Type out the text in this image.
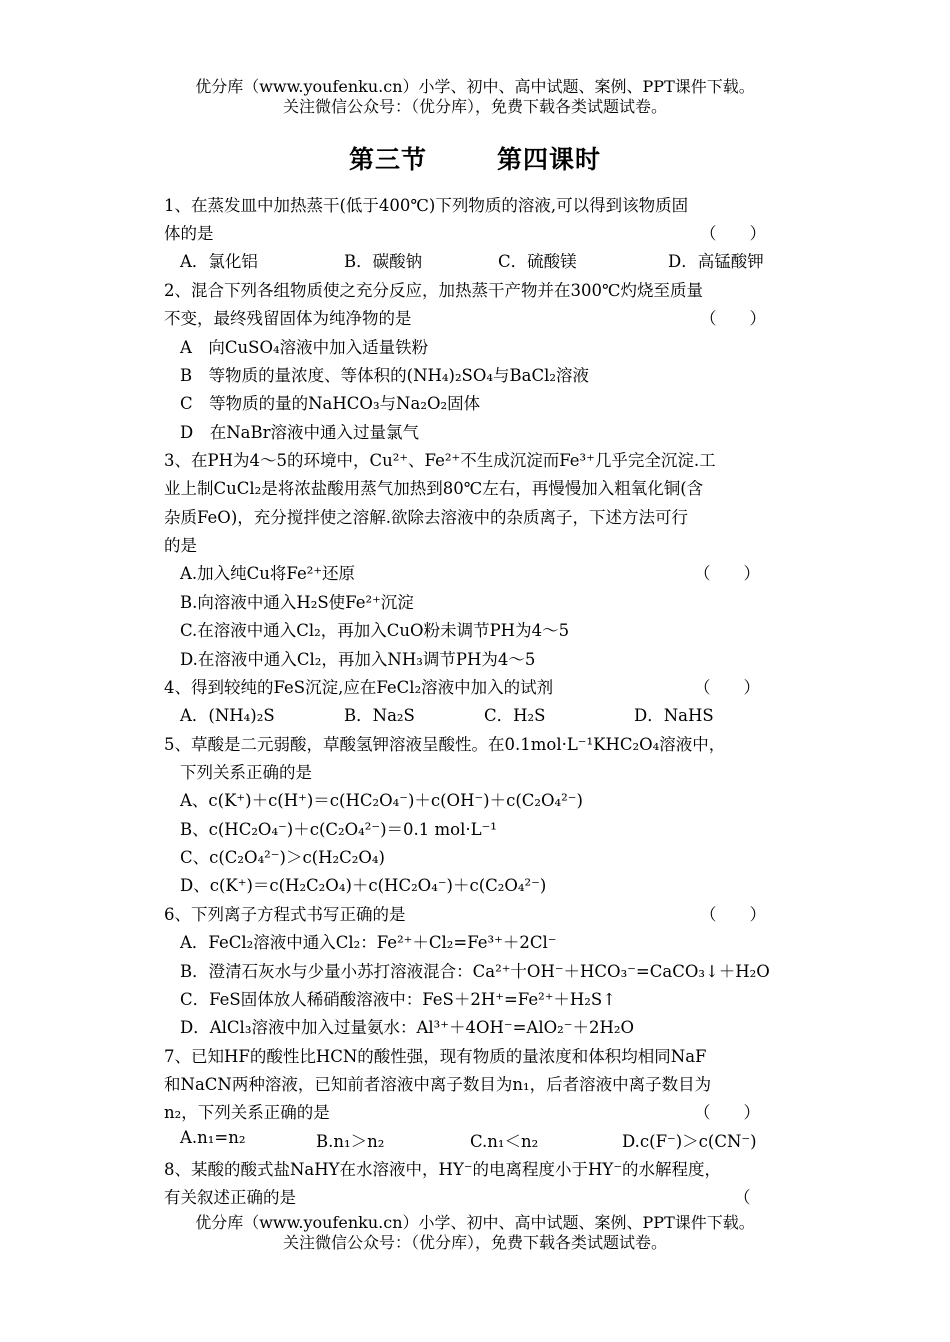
优分库（www.youfenku.cn）小学、初中、高中试题、案例、PPT课件下载。
关注微信公众号：（优分库），免费下载各类试题试卷。
第三节	第四课时
1、在蒸发皿中加热蒸干(低于400℃)下列物质的溶液,可以得到该物质固
体的是	（　　）
A．氯化铝	B．碳酸钠	C．硫酸镁	D．高锰酸钾
2、混合下列各组物质使之充分反应，加热蒸干产物并在300℃灼烧至质量
不变，最终残留固体为纯净物的是	（　　）
A　向CuSO₄溶液中加入适量铁粉
B　等物质的量浓度、等体积的(NH₄)₂SO₄与BaCl₂溶液
C　等物质的量的NaHCO₃与Na₂O₂固体
D　在NaBr溶液中通入过量氯气
3、在PH为4～5的环境中，Cu²⁺、Fe²⁺不生成沉淀而Fe³⁺几乎完全沉淀.工
业上制CuCl₂是将浓盐酸用蒸气加热到80℃左右，再慢慢加入粗氧化铜(含
杂质FeO)，充分搅拌使之溶解.欲除去溶液中的杂质离子，下述方法可行
的是
A.加入纯Cu将Fe²⁺还原	（　　）
B.向溶液中通入H₂S使Fe²⁺沉淀
C.在溶液中通入Cl₂，再加入CuO粉未调节PH为4～5
D.在溶液中通入Cl₂，再加入NH₃调节PH为4～5
4、得到较纯的FeS沉淀,应在FeCl₂溶液中加入的试剂	（　　）
A．(NH₄)₂S	B．Na₂S	C．H₂S	D．NaHS
5、草酸是二元弱酸，草酸氢钾溶液呈酸性。在0.1mol·L⁻¹KHC₂O₄溶液中，
下列关系正确的是
A、c(K⁺)＋c(H⁺)＝c(HC₂O₄⁻)＋c(OH⁻)＋c(C₂O₄²⁻)
B、c(HC₂O₄⁻)＋c(C₂O₄²⁻)＝0.1 mol·L⁻¹
C、c(C₂O₄²⁻)＞c(H₂C₂O₄)
D、c(K⁺)＝c(H₂C₂O₄)＋c(HC₂O₄⁻)＋c(C₂O₄²⁻)
6、下列离子方程式书写正确的是	（　　）
A．FeCl₂溶液中通入Cl₂：Fe²⁺＋Cl₂=Fe³⁺＋2Cl⁻
B．澄清石灰水与少量小苏打溶液混合：Ca²⁺十OH⁻＋HCO₃⁻=CaCO₃↓＋H₂O
C．FeS固体放人稀硝酸溶液中：FeS＋2H⁺=Fe²⁺＋H₂S↑
D．AlCl₃溶液中加入过量氨水：Al³⁺＋4OH⁻=AlO₂⁻＋2H₂O
7、已知HF的酸性比HCN的酸性强，现有物质的量浓度和体积均相同NaF
和NaCN两种溶液，已知前者溶液中离子数目为n₁，后者溶液中离子数目为
n₂，下列关系正确的是	（　　）
A.n₁=n₂	B.n₁＞n₂	C.n₁＜n₂	D.c(F⁻)＞c(CN⁻)
8、某酸的酸式盐NaHY在水溶液中，HY⁻的电离程度小于HY⁻的水解程度，
有关叙述正确的是	（
优分库（www.youfenku.cn）小学、初中、高中试题、案例、PPT课件下载。
关注微信公众号：（优分库），免费下载各类试题试卷。
